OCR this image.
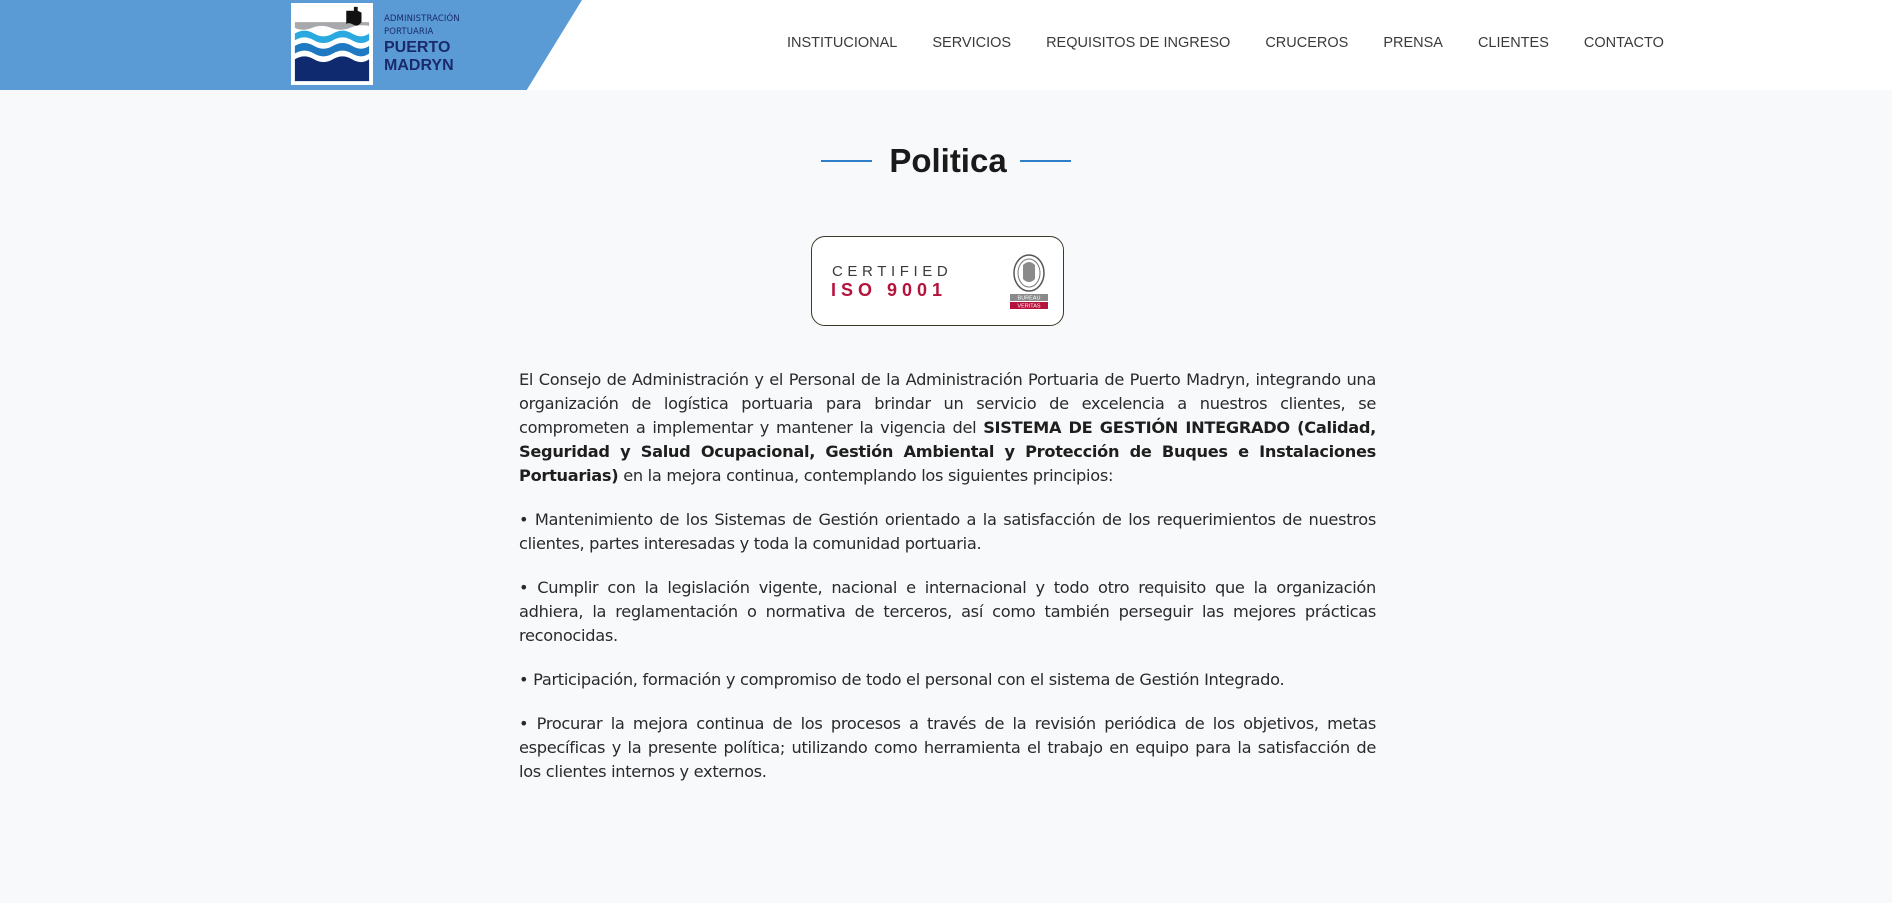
ADMINISTRACIÓN
PORTUARIA
PUERTO
MADRYN
INSTITUCIONAL SERVICIOS REQUISITOS DE INGRESO CRUCEROS PRENSA CLIENTES CONTACTO
Politica
CERTIFIED
ISO 9001	BUREAU
VERITAS

El Consejo de Administración y el Personal de la Administración Portuaria de Puerto Madryn, integrando una organización de logística portuaria para brindar un servicio de excelencia a nuestros clientes, se comprometen a implementar y mantener la vigencia del SISTEMA DE GESTIÓN INTEGRADO (Calidad, Seguridad y Salud Ocupacional, Gestión Ambiental y Protección de Buques e Instalaciones Portuarias) en la mejora continua, contemplando los siguientes principios:

• Mantenimiento de los Sistemas de Gestión orientado a la satisfacción de los requerimientos de nuestros clientes, partes interesadas y toda la comunidad portuaria.

• Cumplir con la legislación vigente, nacional e internacional y todo otro requisito que la organización adhiera, la reglamentación o normativa de terceros, así como también perseguir las mejores prácticas reconocidas.

• Participación, formación y compromiso de todo el personal con el sistema de Gestión Integrado.

• Procurar la mejora continua de los procesos a través de la revisión periódica de los objetivos, metas específicas y la presente política; utilizando como herramienta el trabajo en equipo para la satisfacción de los clientes internos y externos.
